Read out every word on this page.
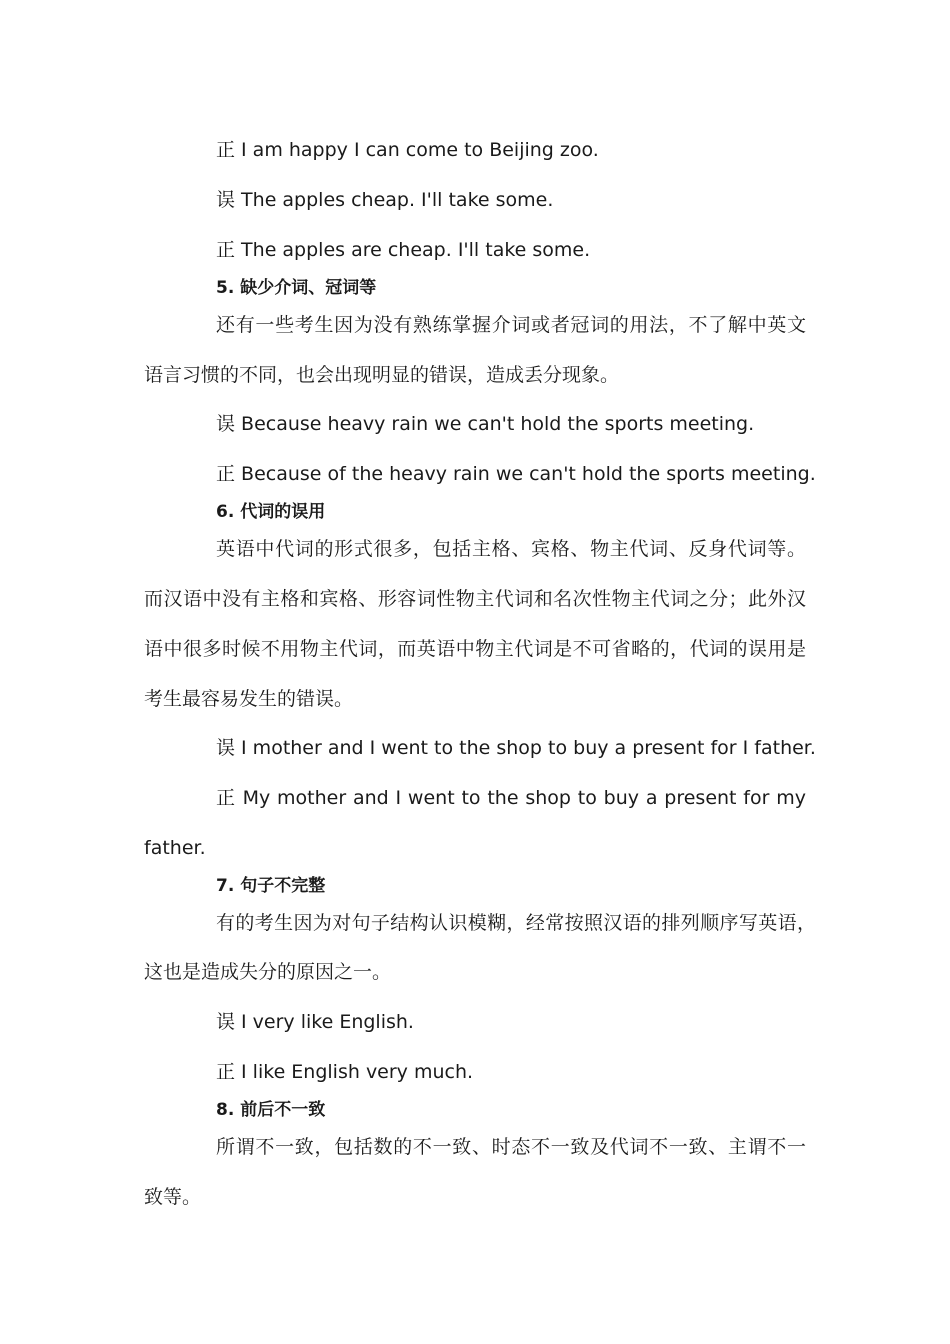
正 I am happy I can come to Beijing zoo.
误 The apples cheap. I'll take some.
正 The apples are cheap. I'll take some.
5. 缺少介词、冠词等
还有一些考生因为没有熟练掌握介词或者冠词的用法，不了解中英文
语言习惯的不同，也会出现明显的错误，造成丢分现象。
误 Because heavy rain we can't hold the sports meeting.
正 Because of the heavy rain we can't hold the sports meeting.
6. 代词的误用
英语中代词的形式很多，包括主格、宾格、物主代词、反身代词等。
而汉语中没有主格和宾格、形容词性物主代词和名次性物主代词之分；此外汉
语中很多时候不用物主代词，而英语中物主代词是不可省略的，代词的误用是
考生最容易发生的错误。
误 I mother and I went to the shop to buy a present for I father.
正 My mother and I went to the shop to buy a present for my
father.
7. 句子不完整
有的考生因为对句子结构认识模糊，经常按照汉语的排列顺序写英语，
这也是造成失分的原因之一。
误 I very like English.
正 I like English very much.
8. 前后不一致
所谓不一致，包括数的不一致、时态不一致及代词不一致、主谓不一
致等。
